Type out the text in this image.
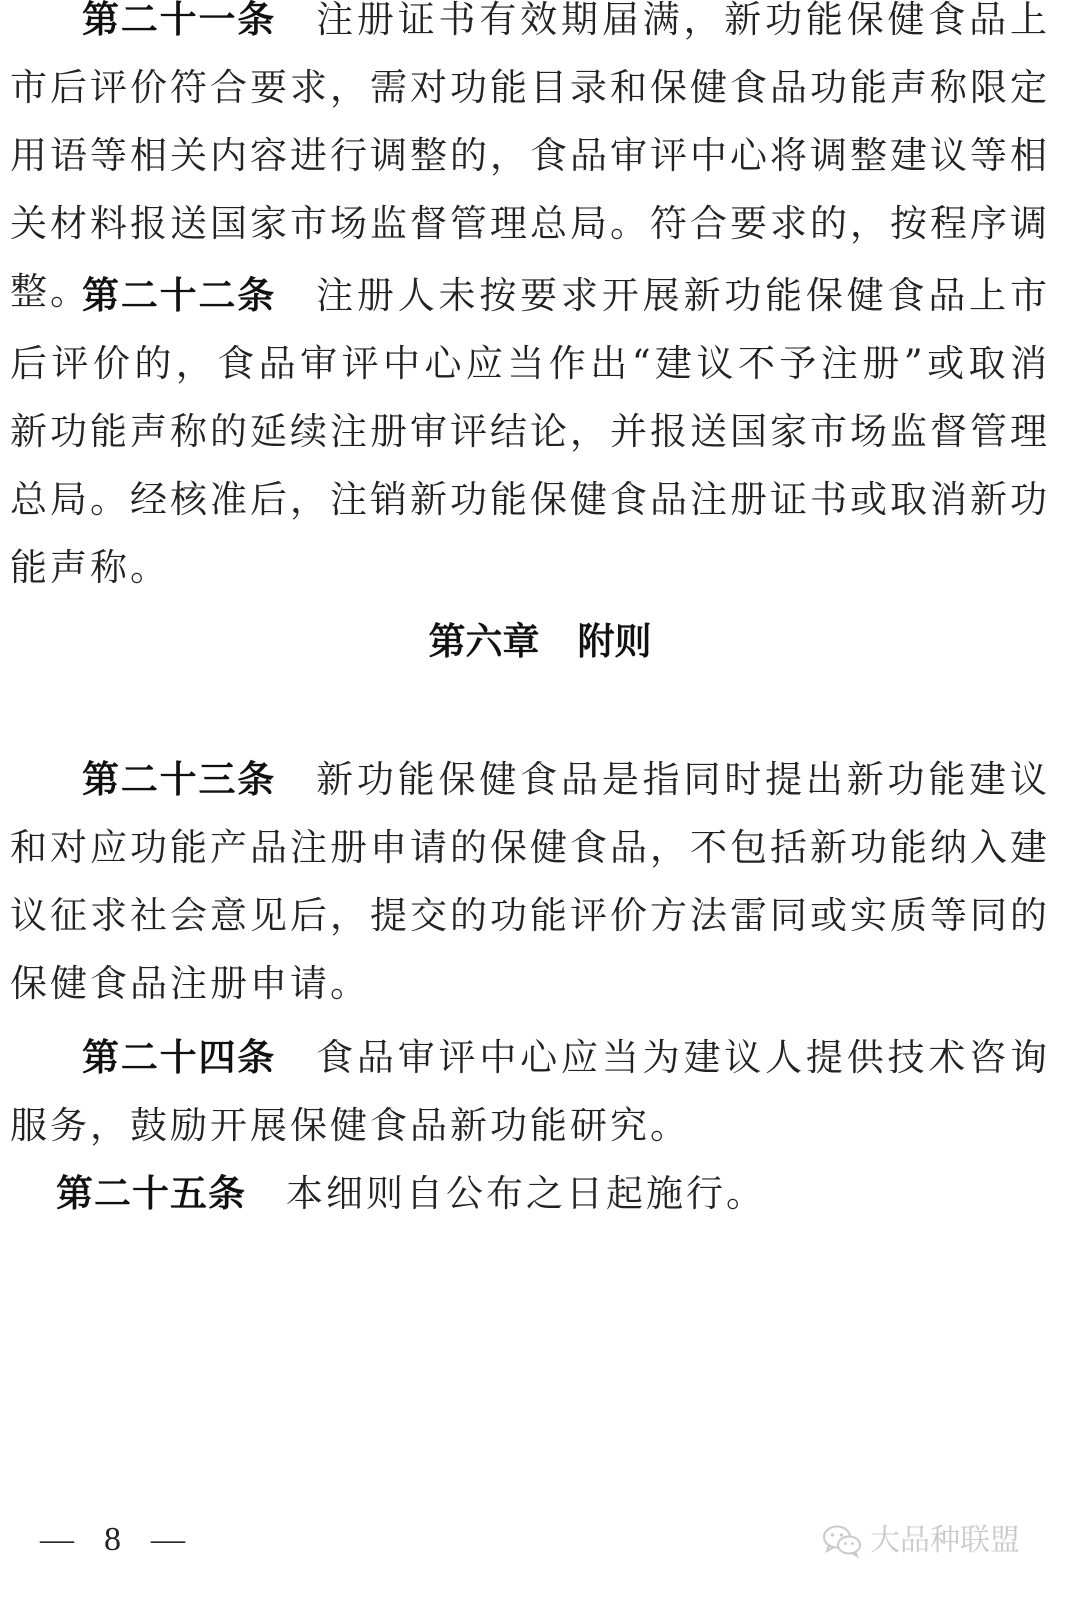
第二十一条 注册证书有效期届满，新功能保健食品上市后评价符合要求，需对功能目录和保健食品功能声称限定用语等相关内容进行调整的，食品审评中心将调整建议等相关材料报送国家市场监督管理总局。符合要求的，按程序调整。

第二十二条 注册人未按要求开展新功能保健食品上市后评价的，食品审评中心应当作出“建议不予注册”或取消新功能声称的延续注册审评结论，并报送国家市场监督管理总局。经核准后，注销新功能保健食品注册证书或取消新功能声称。

第六章 附则

第二十三条 新功能保健食品是指同时提出新功能建议和对应功能产品注册申请的保健食品，不包括新功能纳入建议征求社会意见后，提交的功能评价方法雷同或实质等同的保健食品注册申请。

第二十四条 食品审评中心应当为建议人提供技术咨询服务，鼓励开展保健食品新功能研究。

第二十五条 本细则自公布之日起施行。

— 8 —	大品种联盟
